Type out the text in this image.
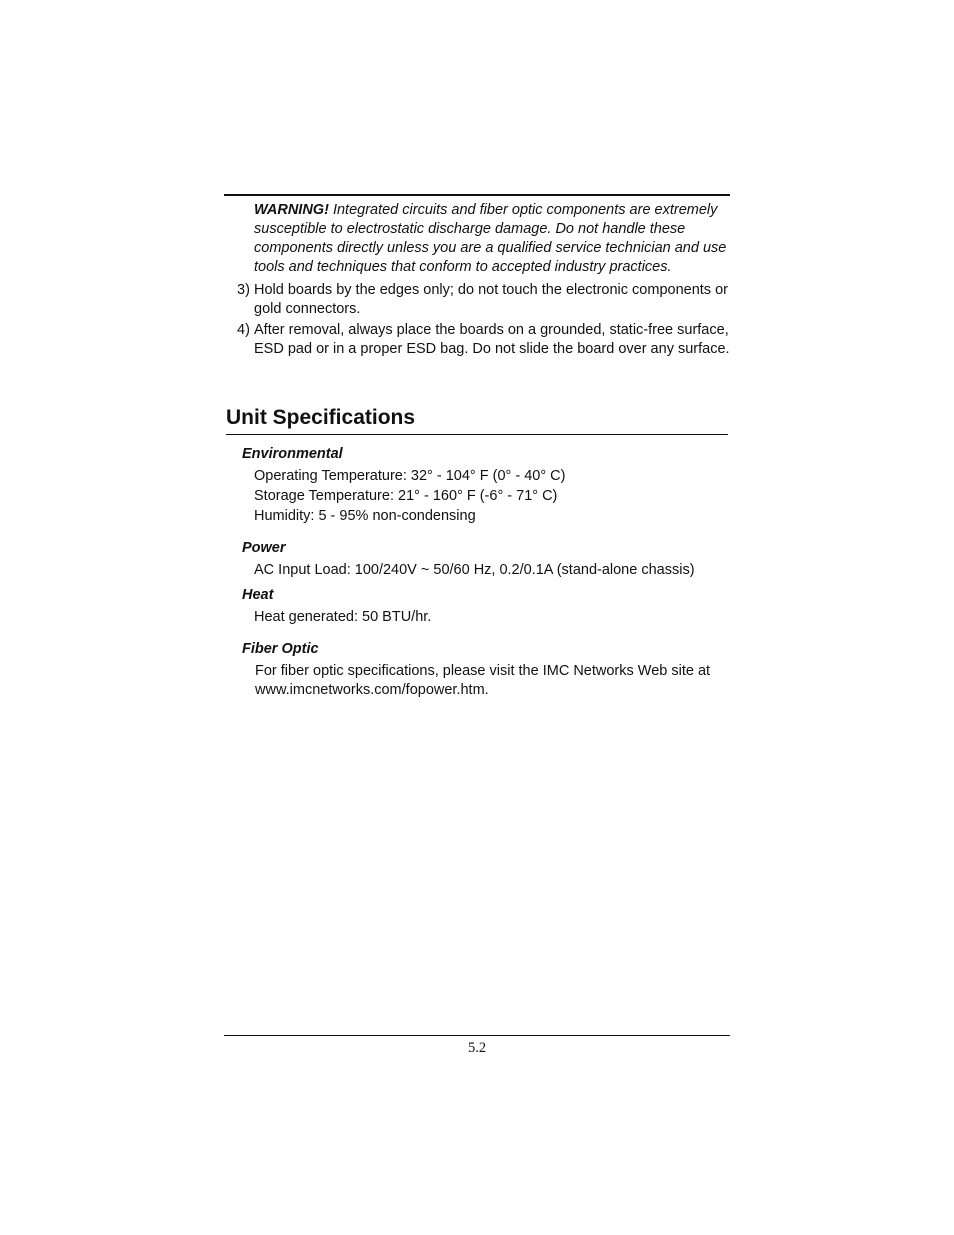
WARNING! Integrated circuits and fiber optic components are extremely susceptible to electrostatic discharge damage. Do not handle these components directly unless you are a qualified service technician and use tools and techniques that conform to accepted industry practices.
3) Hold boards by the edges only; do not touch the electronic components or gold connectors.
4) After removal, always place the boards on a grounded, static-free surface, ESD pad or in a proper ESD bag. Do not slide the board over any surface.
Unit Specifications
Environmental
Operating Temperature: 32° - 104° F (0° - 40° C)
Storage Temperature: 21° - 160° F (-6° - 71° C)
Humidity: 5 - 95% non-condensing
Power
AC Input Load: 100/240V ~ 50/60 Hz, 0.2/0.1A (stand-alone chassis)
Heat
Heat generated: 50 BTU/hr.
Fiber Optic
For fiber optic specifications, please visit the IMC Networks Web site at www.imcnetworks.com/fopower.htm.
5.2
